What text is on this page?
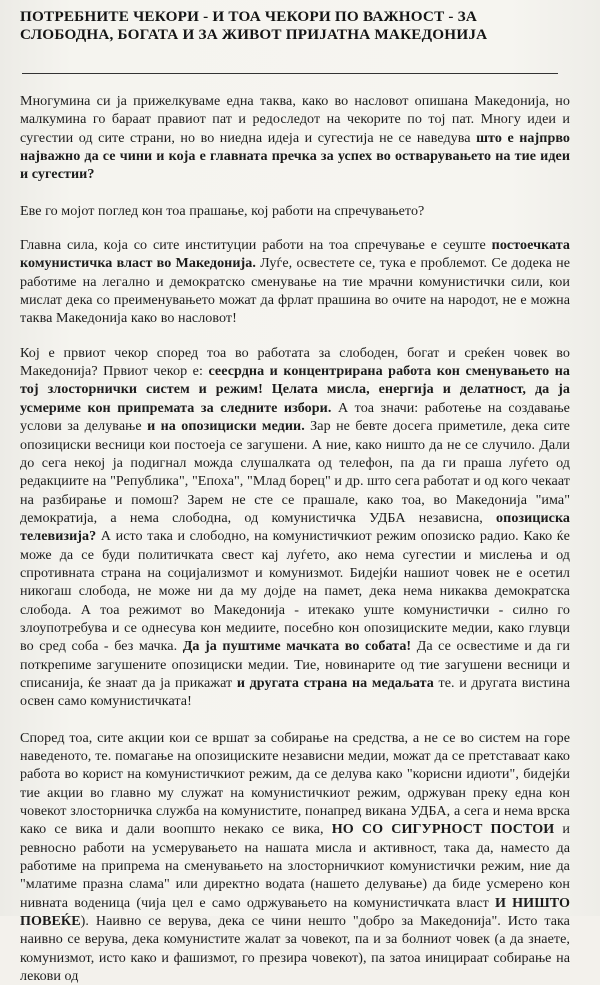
ПОТРЕБНИТЕ ЧЕКОРИ - И ТОА ЧЕКОРИ ПО ВАЖНОСТ - ЗА СЛОБОДНА, БОГАТА И ЗА ЖИВОТ ПРИЈАТНА МАКЕДОНИЈА

Многумина си ја прижелкуваме една таква, како во насловот опишана Македонија, но малкумина го бараат правиот пат и редоследот на чекорите по тој пат. Многу идеи и сугестии од сите страни, но во ниедна идеја и сугестија не се наведува што е најпрво најважно да се чини и која е главната пречка за успех во остварувањето на тие идеи и сугестии?

Еве го мојот поглед кон тоа прашање, кој работи на спречувањето?

Главна сила, кoја со сите институции работи на тоа спречување е сеуште постоечката комунистичка власт во Македонија. Луѓе, освестете се, тука е проблемот. Се додека не работиме на легално и демократско сменување на тие мрачни комунистички сили, кои мислат дека со преименувањето можат да фрлат прашина во очите на народот, не е можна таква Македонија како во насловот!

Кој е првиот чекор според тоа во работата за слободен, богат и среќен човек во Македонија? Првиот чекор е: сеесрдна и концентрирана работа кон сменувањето на тој злосторнички систем и режим! Целата мисла, енергија и делатност, да ја усмериме кон припремата за следните избори. А тоа значи: работење на создавање услови за делување и на опозициски медии. Зар не бевте досега приметиле, дека сите опозициски весници кои постоеја се загушени. А ние, како ништо да не се случило. Дали до сега некој ја подигнал можда слушалката од телефон, па да ги праша луѓето од редакциите на "Република", "Епоха", "Млад борец" и др. што сега работат и од кого чекаат на разбирање и помош? Зарем не сте се прашале, како тоа, во Македонија "има" демократија, а нема слободна, од комунистичка УДБА независна, опозициска телевизија? А исто така и слободно, на комунистичкиот режим опозиско радио. Како ќе може да се буди политичката свест кај луѓето, ако нема сугестии и мислења и од спротивната страна на социјализмот и комунизмот. Бидејќи нашиот човек не е осетил никогаш слобода, не може ни да му дојде на памет, дека нема никаква демократска слобода. А тоа режимот во Македонија - итекако уште комунистички - силно го злоупотребува и се однесува кон медиите, посебно кон опозициските медии, како глувци во сред соба - без мачка. Да ја пуштиме мачката во собата! Да се освестиме и да ги поткрепиме загушените опозициски медии. Тие, новинарите од тие загушени весници и списанија, ќе знаат да ја прикажат и другата страна на медаљата те. и другата вистина освен само комунистичката!

Според тоа, сите акции кои се вршат за собирање на средства, а не се во систем на горе наведеното, те. помагање на опозициските независни медии, можат да се претставаат како работа во корист на комунистичкиот режим, да се делува како "корисни идиоти", бидејќи тие акции во главно му служат на комунистичкиот режим, одржуван преку една кон човекот злосторничка служба на комунистите, понапред викана УДБА, а сега и нема врска како се вика и дали воопшто некако се вика, НО СО СИГУРНОСТ ПОСТОИ и ревносно работи на усмерувањето на нашата мисла и активност, така да, наместо да работиме на припрема на сменувањето на злосторничкиот комунистички режим, ние да "млатиме празна слама" или директно водата (нашето делување) да биде усмерено кон нивната воденица (чија цел е само одржувањето на комунистичката власт И НИШТО ПОВЕЌЕ). Наивно се верува, дека се чини нешто "добро за Македонија". Исто така наивно се верува, дека комунистите жалат за човекот, па и за болниот човек (а да знаете, комунизмот, исто како и фашизмот, го презира човекот), па затоа иницираат собирање на лекови од
